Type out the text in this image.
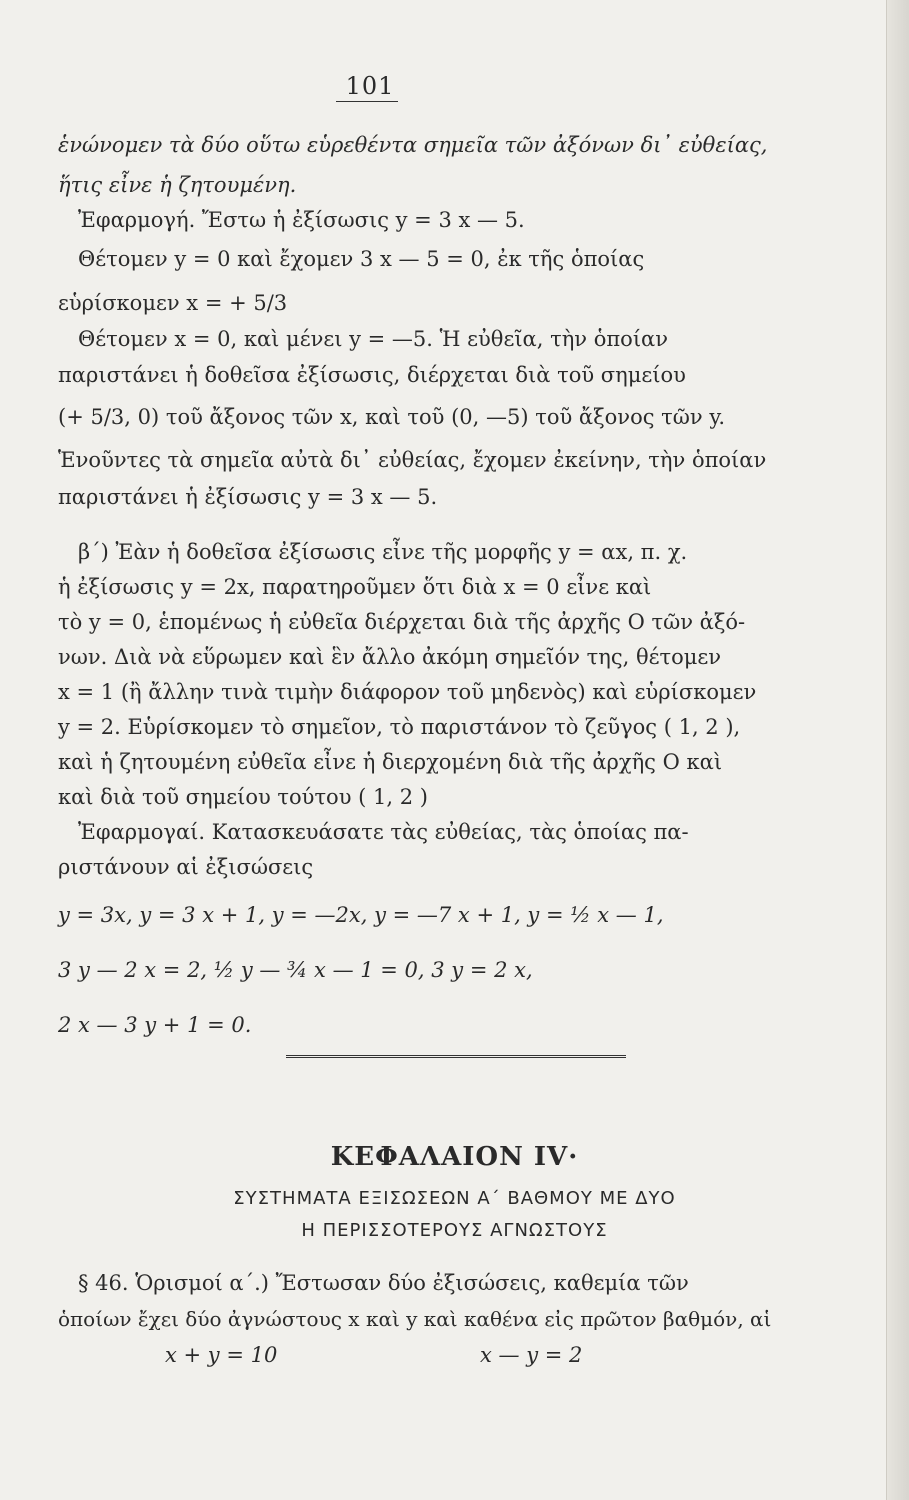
101
ἑνώνομεν τὰ δύο οὕτω εὑρεθέντα σημεῖα τῶν ἀξόνων δι᾽ εὐθείας,
ἥτις εἶνε ἡ ζητουμένη.
Ἐφαρμογή. Ἔστω ἡ ἐξίσωσις y = 3 x — 5.
Θέτομεν y = 0 καὶ ἔχομεν 3 x — 5 = 0, ἐκ τῆς ὁποίας
εὑρίσκομεν x = + 5/3
Θέτομεν x = 0, καὶ μένει y = —5. Ἡ εὐθεῖα, τὴν ὁποίαν
παριστάνει ἡ δοθεῖσα ἐξίσωσις, διέρχεται διὰ τοῦ σημείου
(+ 5/3, 0) τοῦ ἄξονος τῶν x, καὶ τοῦ (0, —5) τοῦ ἄξονος τῶν y.
Ἑνοῦντες τὰ σημεῖα αὐτὰ δι᾽ εὐθείας, ἔχομεν ἐκείνην, τὴν ὁποίαν
παριστάνει ἡ ἐξίσωσις y = 3 x — 5.
β΄) Ἐὰν ἡ δοθεῖσα ἐξίσωσις εἶνε τῆς μορφῆς y = αx, π. χ.
ἡ ἐξίσωσις y = 2x, παρατηροῦμεν ὅτι διὰ x = 0 εἶνε καὶ
τὸ y = 0, ἑπομένως ἡ εὐθεῖα διέρχεται διὰ τῆς ἀρχῆς Ο τῶν ἀξό-
νων. Διὰ νὰ εὕρωμεν καὶ ἓν ἄλλο ἀκόμη σημεῖόν της, θέτομεν
x = 1 (ἢ ἄλλην τινὰ τιμὴν διάφορον τοῦ μηδενὸς) καὶ εὑρίσκομεν
y = 2. Εὑρίσκομεν τὸ σημεῖον, τὸ παριστάνον τὸ ζεῦγος ( 1, 2 ),
καὶ ἡ ζητουμένη εὐθεῖα εἶνε ἡ διερχομένη διὰ τῆς ἀρχῆς Ο καὶ
καὶ διὰ τοῦ σημείου τούτου ( 1, 2 )
Ἐφαρμογαί. Κατασκευάσατε τὰς εὐθείας, τὰς ὁποίας πα-
ριστάνουν αἱ ἐξισώσεις
y = 3x, y = 3 x + 1, y = —2x, y = —7 x + 1, y = ½ x — 1,
3 y — 2 x = 2, ½ y — ¾ x — 1 = 0, 3 y = 2 x,
2 x — 3 y + 1 = 0.
ΚΕΦΑΛΑΙΟΝ IV·
ΣΥΣΤΗΜΑΤΑ ΕΞΙΣΩΣΕΩΝ Α΄ ΒΑΘΜΟΥ ΜΕ ΔΥΟ
Η ΠΕΡΙΣΣΟΤΕΡΟΥΣ ΑΓΝΩΣΤΟΥΣ
§ 46. Ὁρισμοί α΄.) Ἔστωσαν δύο ἐξισώσεις, καθεμία τῶν
ὁποίων ἔχει δύο ἀγνώστους x καὶ y καὶ καθένα εἰς πρῶτον βαθμόν, αἱ
x + y = 10	x — y = 2
